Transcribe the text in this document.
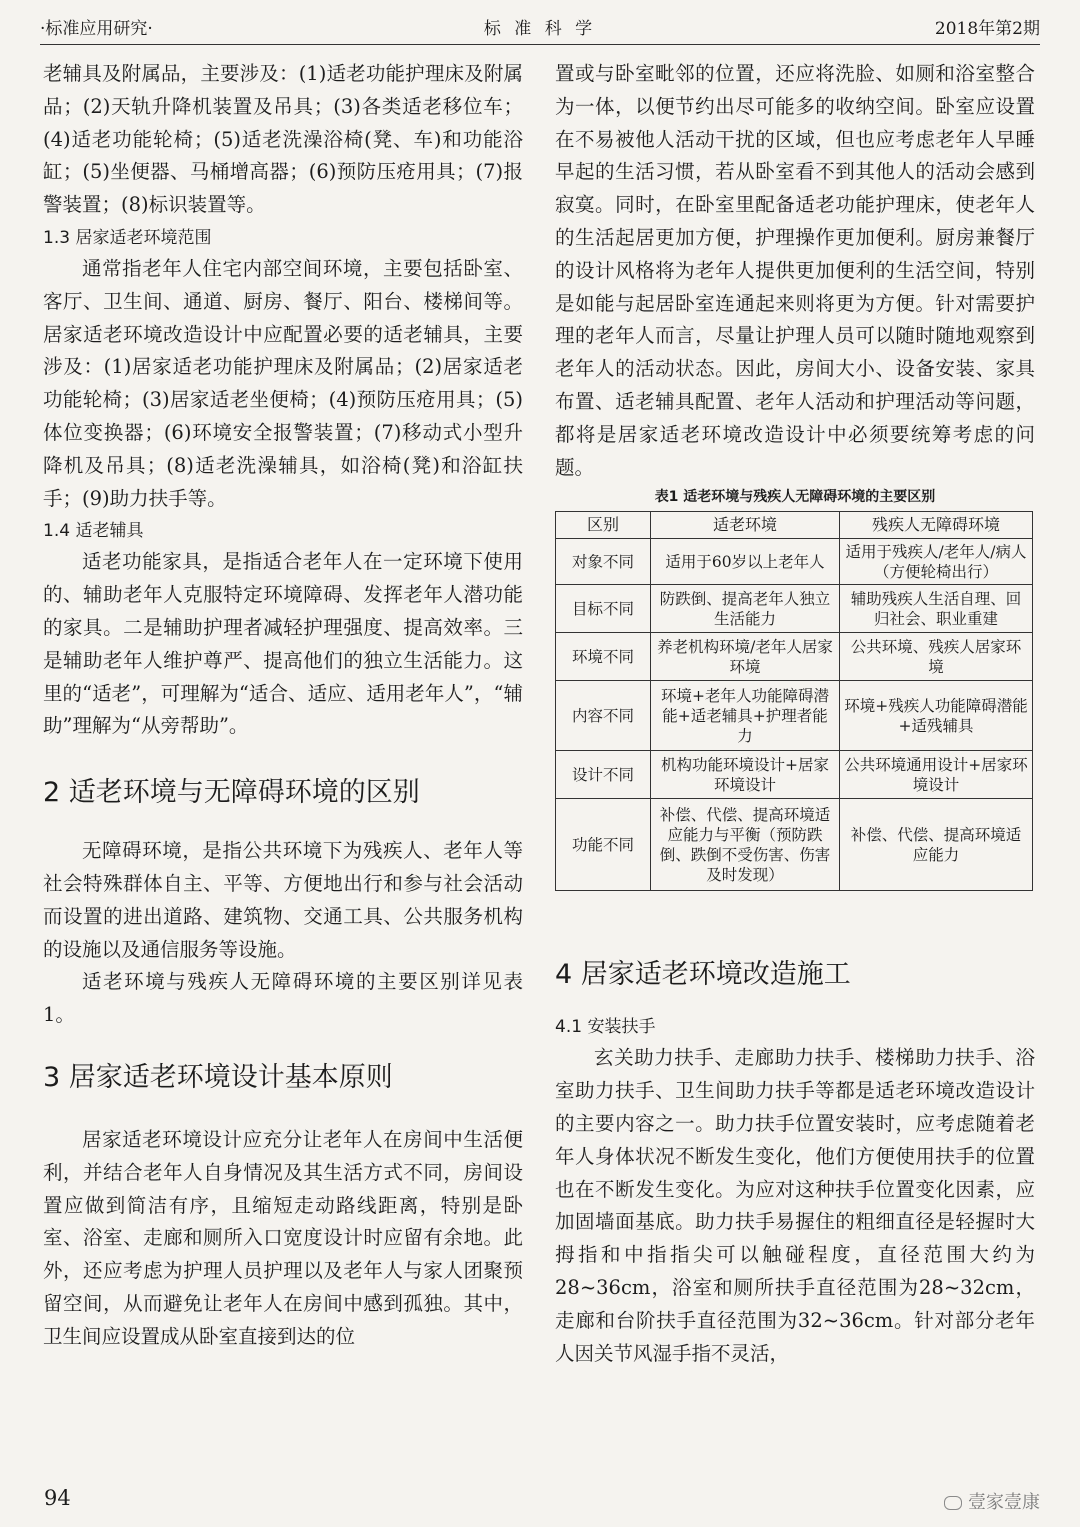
·标准应用研究·	标 准 科 学	2018年第2期

老辅具及附属品，主要涉及：(1)适老功能护理床及附属品；(2)天轨升降机装置及吊具；(3)各类适老移位车；(4)适老功能轮椅；(5)适老洗澡浴椅(凳、车)和功能浴缸；(5)坐便器、马桶增高器；(6)预防压疮用具；(7)报警装置；(8)标识装置等。

1.3 居家适老环境范围

通常指老年人住宅内部空间环境，主要包括卧室、客厅、卫生间、通道、厨房、餐厅、阳台、楼梯间等。居家适老环境改造设计中应配置必要的适老辅具，主要涉及：(1)居家适老功能护理床及附属品；(2)居家适老功能轮椅；(3)居家适老坐便椅；(4)预防压疮用具；(5)体位变换器；(6)环境安全报警装置；(7)移动式小型升降机及吊具；(8)适老洗澡辅具，如浴椅(凳)和浴缸扶手；(9)助力扶手等。

1.4 适老辅具

适老功能家具，是指适合老年人在一定环境下使用的、辅助老年人克服特定环境障碍、发挥老年人潜功能的家具。二是辅助护理者减轻护理强度、提高效率。三是辅助老年人维护尊严、提高他们的独立生活能力。这里的“适老”，可理解为“适合、适应、适用老年人”，“辅助”理解为“从旁帮助”。

2 适老环境与无障碍环境的区别

无障碍环境，是指公共环境下为残疾人、老年人等社会特殊群体自主、平等、方便地出行和参与社会活动而设置的进出道路、建筑物、交通工具、公共服务机构的设施以及通信服务等设施。

适老环境与残疾人无障碍环境的主要区别详见表1。

3 居家适老环境设计基本原则

居家适老环境设计应充分让老年人在房间中生活便利，并结合老年人自身情况及其生活方式不同，房间设置应做到简洁有序，且缩短走动路线距离，特别是卧室、浴室、走廊和厕所入口宽度设计时应留有余地。此外，还应考虑为护理人员护理以及老年人与家人团聚预留空间，从而避免让老年人在房间中感到孤独。其中，卫生间应设置成从卧室直接到达的位

置或与卧室毗邻的位置，还应将洗脸、如厕和浴室整合为一体，以便节约出尽可能多的收纳空间。卧室应设置在不易被他人活动干扰的区域，但也应考虑老年人早睡早起的生活习惯，若从卧室看不到其他人的活动会感到寂寞。同时，在卧室里配备适老功能护理床，使老年人的生活起居更加方便，护理操作更加便利。厨房兼餐厅的设计风格将为老年人提供更加便利的生活空间，特别是如能与起居卧室连通起来则将更为方便。针对需要护理的老年人而言，尽量让护理人员可以随时随地观察到老年人的活动状态。因此，房间大小、设备安装、家具布置、适老辅具配置、老年人活动和护理活动等问题，都将是居家适老环境改造设计中必须要统筹考虑的问题。

表1 适老环境与残疾人无障碍环境的主要区别
区别	适老环境	残疾人无障碍环境
对象不同	适用于60岁以上老年人	适用于残疾人/老年人/病人（方便轮椅出行）
目标不同	防跌倒、提高老年人独立生活能力	辅助残疾人生活自理、回归社会、职业重建
环境不同	养老机构环境/老年人居家环境	公共环境、残疾人居家环境
内容不同	环境+老年人功能障碍潜能+适老辅具+护理者能力	环境+残疾人功能障碍潜能+适残辅具
设计不同	机构功能环境设计+居家环境设计	公共环境通用设计+居家环境设计
功能不同	补偿、代偿、提高环境适应能力与平衡（预防跌倒、跌倒不受伤害、伤害及时发现）	补偿、代偿、提高环境适应能力
4 居家适老环境改造施工
4.1 安装扶手

玄关助力扶手、走廊助力扶手、楼梯助力扶手、浴室助力扶手、卫生间助力扶手等都是适老环境改造设计的主要内容之一。助力扶手位置安装时，应考虑随着老年人身体状况不断发生变化，他们方便使用扶手的位置也在不断发生变化。为应对这种扶手位置变化因素，应加固墙面基底。助力扶手易握住的粗细直径是轻握时大拇指和中指指尖可以触碰程度，直径范围大约为28~36cm，浴室和厕所扶手直径范围为28~32cm，走廊和台阶扶手直径范围为32~36cm。针对部分老年人因关节风湿手指不灵活，

94	壹家壹康
